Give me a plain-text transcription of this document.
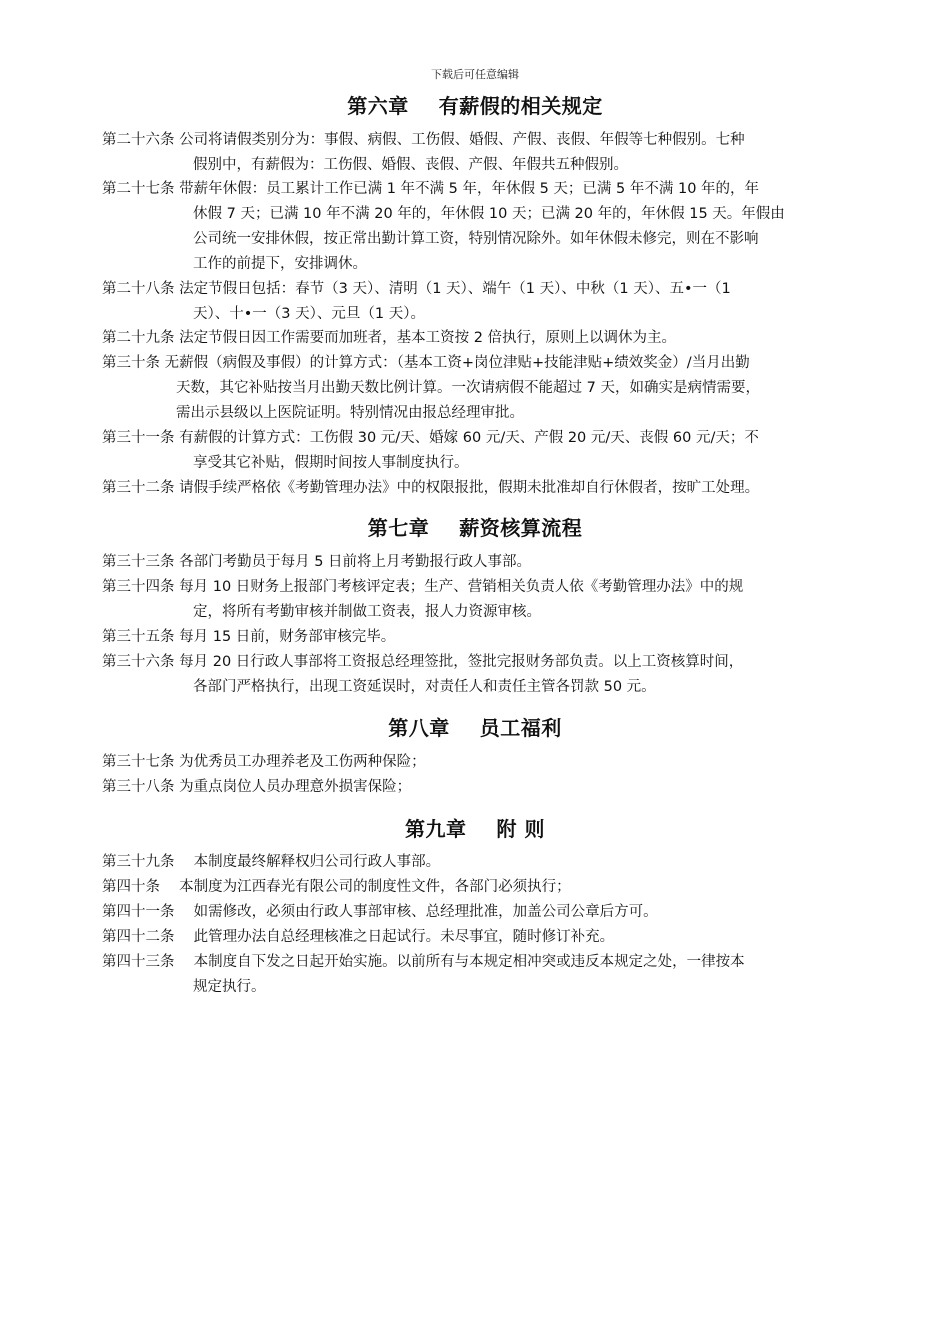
下载后可任意编辑
第六章 有薪假的相关规定
第二十六条 公司将请假类别分为：事假、病假、工伤假、婚假、产假、丧假、年假等七种假别。七种
假别中，有薪假为：工伤假、婚假、丧假、产假、年假共五种假别。
第二十七条 带薪年休假：员工累计工作已满 1 年不满 5 年，年休假 5 天；已满 5 年不满 10 年的，年
休假 7 天；已满 10 年不满 20 年的，年休假 10 天；已满 20 年的，年休假 15 天。年假由
公司统一安排休假，按正常出勤计算工资，特别情况除外。如年休假未修完，则在不影响
工作的前提下，安排调休。
第二十八条 法定节假日包括：春节（3 天）、清明（1 天）、端午（1 天）、中秋（1 天）、五•一（1
天）、十•一（3 天）、元旦（1 天）。
第二十九条 法定节假日因工作需要而加班者，基本工资按 2 倍执行，原则上以调休为主。
第三十条 无薪假（病假及事假）的计算方式：（基本工资+岗位津贴+技能津贴+绩效奖金）/当月出勤
天数，其它补贴按当月出勤天数比例计算。一次请病假不能超过 7 天，如确实是病情需要，
需出示县级以上医院证明。特别情况由报总经理审批。
第三十一条 有薪假的计算方式：工伤假 30 元/天、婚嫁 60 元/天、产假 20 元/天、丧假 60 元/天；不
享受其它补贴，假期时间按人事制度执行。
第三十二条 请假手续严格依《考勤管理办法》中的权限报批，假期未批准却自行休假者，按旷工处理。
第七章 薪资核算流程
第三十三条 各部门考勤员于每月 5 日前将上月考勤报行政人事部。
第三十四条 每月 10 日财务上报部门考核评定表；生产、营销相关负责人依《考勤管理办法》中的规
定，将所有考勤审核并制做工资表，报人力资源审核。
第三十五条 每月 15 日前，财务部审核完毕。
第三十六条 每月 20 日行政人事部将工资报总经理签批，签批完报财务部负责。以上工资核算时间，
各部门严格执行，出现工资延误时，对责任人和责任主管各罚款 50 元。
第八章 员工福利
第三十七条 为优秀员工办理养老及工伤两种保险；
第三十八条 为重点岗位人员办理意外损害保险；
第九章 附 则
第三十九条　 本制度最终解释权归公司行政人事部。
第四十条　 本制度为江西春光有限公司的制度性文件，各部门必须执行；
第四十一条　 如需修改，必须由行政人事部审核、总经理批准，加盖公司公章后方可。
第四十二条　 此管理办法自总经理核准之日起试行。未尽事宜，随时修订补充。
第四十三条　 本制度自下发之日起开始实施。以前所有与本规定相冲突或违反本规定之处，一律按本
规定执行。
